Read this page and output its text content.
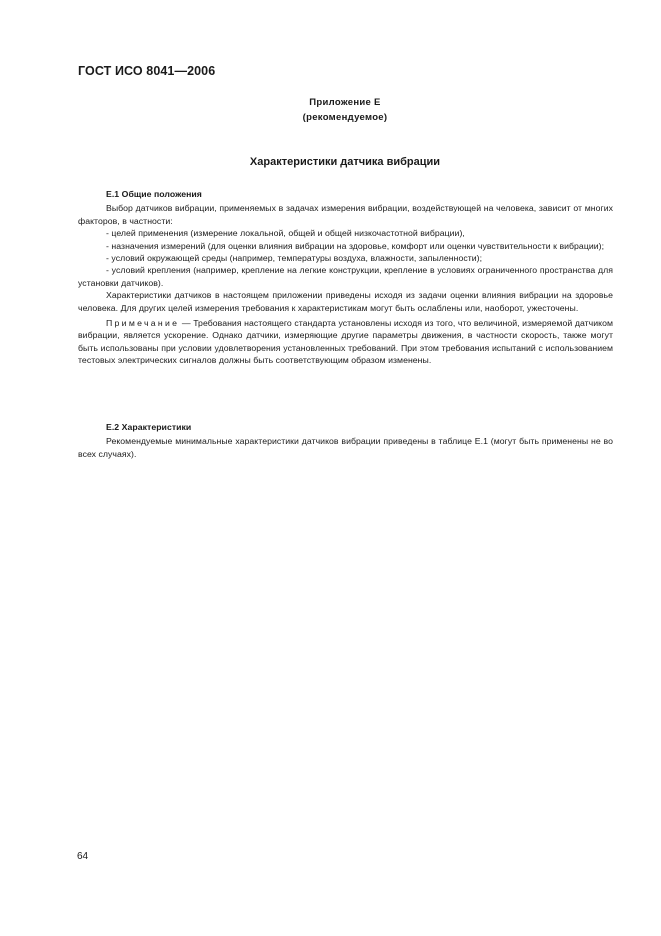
ГОСТ ИСО 8041—2006
Приложение Е
(рекомендуемое)
Характеристики датчика вибрации
Е.1 Общие положения

Выбор датчиков вибрации, применяемых в задачах измерения вибрации, воздействующей на человека, зависит от многих факторов, в частности:

- целей применения (измерение локальной, общей и общей низкочастотной вибрации),

- назначения измерений (для оценки влияния вибрации на здоровье, комфорт или оценки чувствительности к вибрации);

- условий окружающей среды (например, температуры воздуха, влажности, запыленности);

- условий крепления (например, крепление на легкие конструкции, крепление в условиях ограниченного пространства для установки датчиков).

Характеристики датчиков в настоящем приложении приведены исходя из задачи оценки влияния вибрации на здоровье человека. Для других целей измерения требования к характеристикам могут быть ослаблены или, наоборот, ужесточены.

Примечание — Требования настоящего стандарта установлены исходя из того, что величиной, измеряемой датчиком вибрации, является ускорение. Однако датчики, измеряющие другие параметры движения, в частности скорость, также могут быть использованы при условии удовлетворения установленных требований. При этом требования испытаний с использованием тестовых электрических сигналов должны быть соответствующим образом изменены.

Е.2 Характеристики

Рекомендуемые минимальные характеристики датчиков вибрации приведены в таблице Е.1 (могут быть применены не во всех случаях).

64
